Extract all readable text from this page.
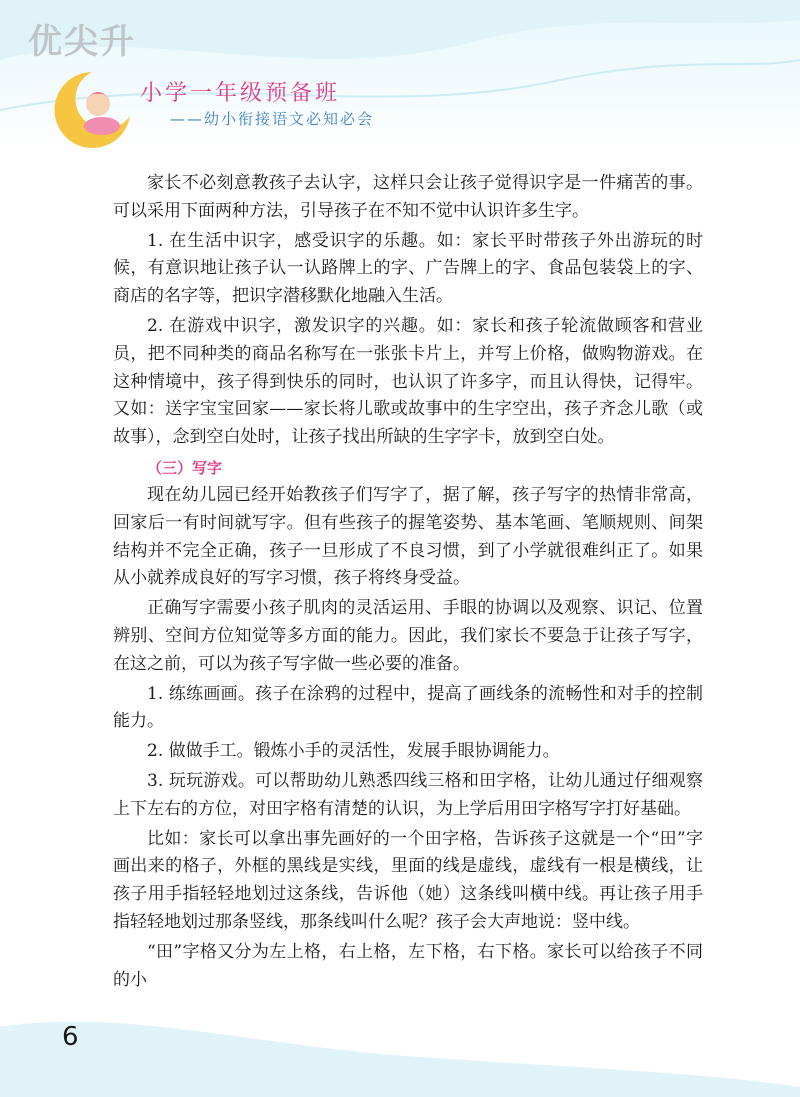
优尖升
小学一年级预备班
——幼小衔接语文必知必会

家长不必刻意教孩子去认字，这样只会让孩子觉得识字是一件痛苦的事。可以采用下面两种方法，引导孩子在不知不觉中认识许多生字。

1. 在生活中识字，感受识字的乐趣。如：家长平时带孩子外出游玩的时候，有意识地让孩子认一认路牌上的字、广告牌上的字、食品包装袋上的字、商店的名字等，把识字潜移默化地融入生活。

2. 在游戏中识字，激发识字的兴趣。如：家长和孩子轮流做顾客和营业员，把不同种类的商品名称写在一张张卡片上，并写上价格，做购物游戏。在这种情境中，孩子得到快乐的同时，也认识了许多字，而且认得快，记得牢。又如：送字宝宝回家——家长将儿歌或故事中的生字空出，孩子齐念儿歌（或故事），念到空白处时，让孩子找出所缺的生字字卡，放到空白处。

（三）写字

现在幼儿园已经开始教孩子们写字了，据了解，孩子写字的热情非常高，回家后一有时间就写字。但有些孩子的握笔姿势、基本笔画、笔顺规则、间架结构并不完全正确，孩子一旦形成了不良习惯，到了小学就很难纠正了。如果从小就养成良好的写字习惯，孩子将终身受益。

正确写字需要小孩子肌肉的灵活运用、手眼的协调以及观察、识记、位置辨别、空间方位知觉等多方面的能力。因此，我们家长不要急于让孩子写字，在这之前，可以为孩子写字做一些必要的准备。

1. 练练画画。孩子在涂鸦的过程中，提高了画线条的流畅性和对手的控制能力。

2. 做做手工。锻炼小手的灵活性，发展手眼协调能力。

3. 玩玩游戏。可以帮助幼儿熟悉四线三格和田字格，让幼儿通过仔细观察上下左右的方位，对田字格有清楚的认识，为上学后用田字格写字打好基础。

比如：家长可以拿出事先画好的一个田字格，告诉孩子这就是一个“田”字画出来的格子，外框的黑线是实线，里面的线是虚线，虚线有一根是横线，让孩子用手指轻轻地划过这条线，告诉他（她）这条线叫横中线。再让孩子用手指轻轻地划过那条竖线，那条线叫什么呢？孩子会大声地说：竖中线。

“田”字格又分为左上格，右上格，左下格，右下格。家长可以给孩子不同的小

6
